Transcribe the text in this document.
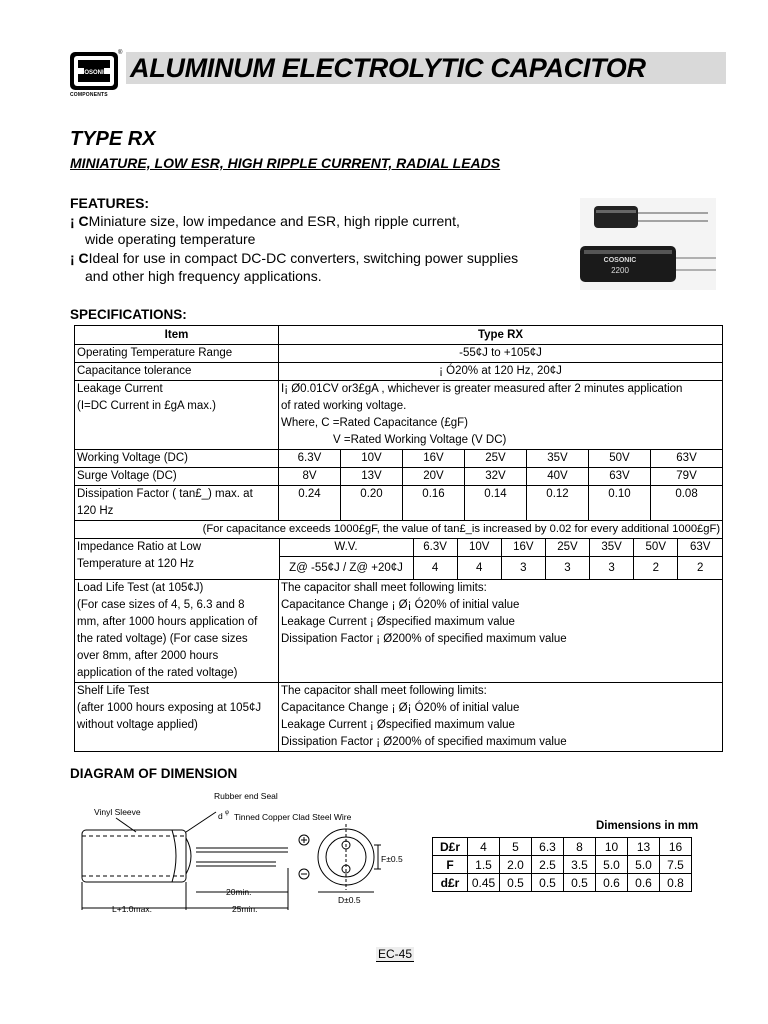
COSONIC
®
COMPONENTS
ALUMINUM ELECTROLYTIC CAPACITOR
TYPE RX
MINIATURE, LOW ESR, HIGH RIPPLE CURRENT, RADIAL LEADS
FEATURES:
¡ CMiniature size, low impedance and ESR, high ripple current,
wide operating temperature
¡ CIdeal for use in compact DC-DC converters, switching power supplies
and other high frequency applications.
COSONIC
2200
SPECIFICATIONS:
Item	Type RX
Operating Temperature Range	-55¢J to +105¢J
Capacitance tolerance	¡ Ó20% at 120 Hz, 20¢J
Leakage Current
(I=DC Current in £gA max.)	I¡ Ø0.01CV or3£gA , whichever is greater measured after 2 minutes application
of rated working voltage.
Where, C =Rated Capacitance (£gF)
V =Rated Working Voltage (V DC)
Working Voltage (DC)	6.3V	10V	16V	25V	35V	50V	63V
Surge Voltage (DC)	8V	13V	20V	32V	40V	63V	79V
Dissipation Factor ( tan£_) max. at
120 Hz	0.24	0.20	0.16	0.14	0.12	0.10	0.08
(For capacitance exceeds 1000£gF, the value of tan£_is increased by 0.02 for every additional 1000£gF)

Impedance Ratio at Low
Temperature at 120 Hz	W.V.	6.3V	10V	16V	25V	35V	50V	63V
Z@ -55¢J / Z@ +20¢J	4	4	3	3	3	2	2

Load Life Test (at 105¢J)
(For case sizes of 4, 5, 6.3 and 8
mm, after 1000 hours application of
the rated voltage) (For case sizes
over 8mm, after 2000 hours
application of the rated voltage)	The capacitor shall meet following limits:
Capacitance Change ¡ Ø¡ Ó20% of initial value
Leakage Current ¡ Øspecified maximum value
Dissipation Factor ¡ Ø200% of specified maximum value
Shelf Life Test
(after 1000 hours exposing at 105¢J
without voltage applied)	The capacitor shall meet following limits:
Capacitance Change ¡ Ø¡ Ó20% of initial value
Leakage Current ¡ Øspecified maximum value
Dissipation Factor ¡ Ø200% of specified maximum value
DIAGRAM OF DIMENSION
Vinyl Sleeve
Rubber end Seal
d φ Tinned Copper Clad Steel Wire
F±0.5
20min.
25min.
L+1.0max.
D±0.5
Dimensions in mm
D£r	4	5	6.3	8	10	13	16
F	1.5	2.0	2.5	3.5	5.0	5.0	7.5
d£r	0.45	0.5	0.5	0.5	0.6	0.6	0.8
EC-45
